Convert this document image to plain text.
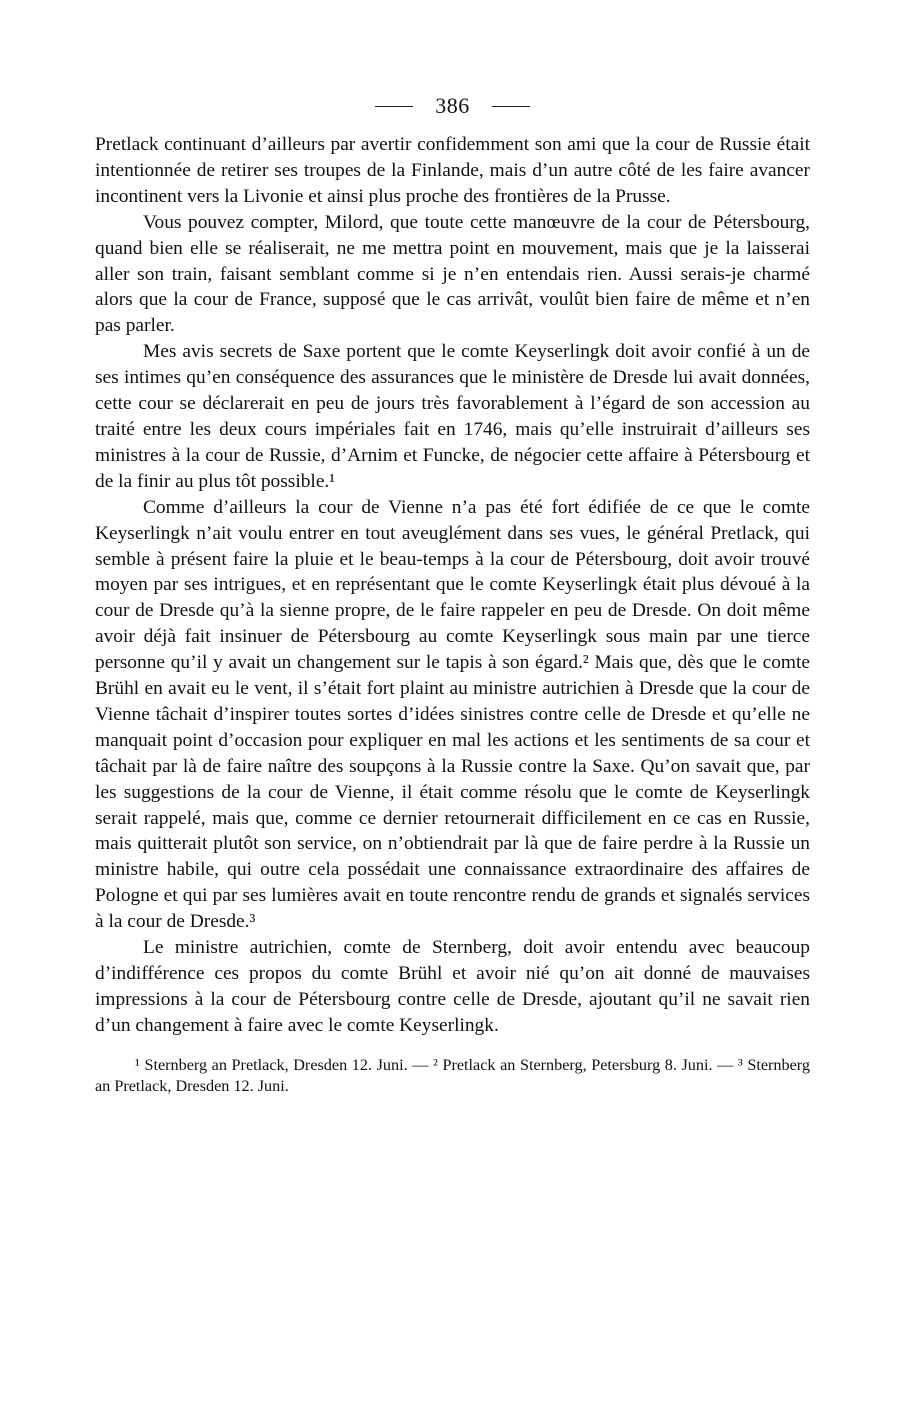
386

Pretlack continuant d’ailleurs par avertir confidemment son ami que la cour de Russie était intentionnée de retirer ses troupes de la Finlande, mais d’un autre côté de les faire avancer incontinent vers la Livonie et ainsi plus proche des frontières de la Prusse.

Vous pouvez compter, Milord, que toute cette manœuvre de la cour de Pétersbourg, quand bien elle se réaliserait, ne me mettra point en mouvement, mais que je la laisserai aller son train, faisant semblant comme si je n’en entendais rien. Aussi serais-je charmé alors que la cour de France, supposé que le cas arrivât, voulût bien faire de même et n’en pas parler.

Mes avis secrets de Saxe portent que le comte Keyserlingk doit avoir confié à un de ses intimes qu’en conséquence des assurances que le ministère de Dresde lui avait données, cette cour se déclarerait en peu de jours très favorablement à l’égard de son accession au traité entre les deux cours impériales fait en 1746, mais qu’elle instruirait d’ailleurs ses ministres à la cour de Russie, d’Arnim et Funcke, de négocier cette affaire à Pétersbourg et de la finir au plus tôt possible.¹

Comme d’ailleurs la cour de Vienne n’a pas été fort édifiée de ce que le comte Keyserlingk n’ait voulu entrer en tout aveuglément dans ses vues, le général Pretlack, qui semble à présent faire la pluie et le beau-temps à la cour de Pétersbourg, doit avoir trouvé moyen par ses intrigues, et en représentant que le comte Keyserlingk était plus dévoué à la cour de Dresde qu’à la sienne propre, de le faire rappeler en peu de Dresde. On doit même avoir déjà fait insinuer de Pétersbourg au comte Keyserlingk sous main par une tierce personne qu’il y avait un changement sur le tapis à son égard.² Mais que, dès que le comte Brühl en avait eu le vent, il s’était fort plaint au ministre autrichien à Dresde que la cour de Vienne tâchait d’inspirer toutes sortes d’idées sinistres contre celle de Dresde et qu’elle ne manquait point d’occasion pour expliquer en mal les actions et les sentiments de sa cour et tâchait par là de faire naître des soupçons à la Russie contre la Saxe. Qu’on savait que, par les suggestions de la cour de Vienne, il était comme résolu que le comte de Keyserlingk serait rappelé, mais que, comme ce dernier retournerait difficilement en ce cas en Russie, mais quitterait plutôt son service, on n’obtiendrait par là que de faire perdre à la Russie un ministre habile, qui outre cela possédait une connaissance extraordinaire des affaires de Pologne et qui par ses lumières avait en toute rencontre rendu de grands et signalés services à la cour de Dresde.³

Le ministre autrichien, comte de Sternberg, doit avoir entendu avec beaucoup d’indifférence ces propos du comte Brühl et avoir nié qu’on ait donné de mauvaises impressions à la cour de Pétersbourg contre celle de Dresde, ajoutant qu’il ne savait rien d’un changement à faire avec le comte Keyserlingk.

¹ Sternberg an Pretlack, Dresden 12. Juni. — ² Pretlack an Sternberg, Petersburg 8. Juni. — ³ Sternberg an Pretlack, Dresden 12. Juni.
